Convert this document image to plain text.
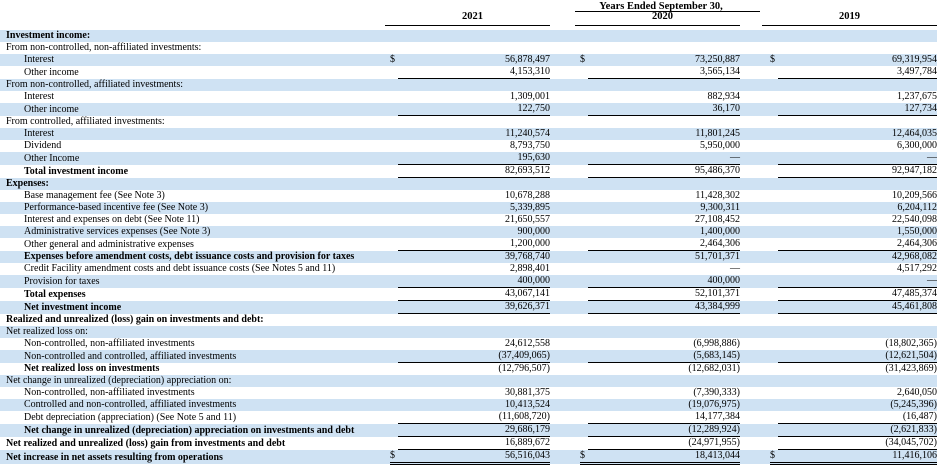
Years Ended September 30,
2021	2020	2019
Investment income:								
From non-controlled, non-affiliated investments:								
Interest	$	56,878,497		$	73,250,887		$	69,319,954
Other income		4,153,310			3,565,134			3,497,784
From non-controlled, affiliated investments:								
Interest		1,309,001			882,934			1,237,675
Other income		122,750			36,170			127,734
From controlled, affiliated investments:								
Interest		11,240,574			11,801,245			12,464,035
Dividend		8,793,750			5,950,000			6,300,000
Other Income		195,630			—			—
Total investment income		82,693,512			95,486,370			92,947,182
Expenses:								
Base management fee (See Note 3)		10,678,288			11,428,302			10,209,566
Performance-based incentive fee (See Note 3)		5,339,895			9,300,311			6,204,112
Interest and expenses on debt (See Note 11)		21,650,557			27,108,452			22,540,098
Administrative services expenses (See Note 3)		900,000			1,400,000			1,550,000
Other general and administrative expenses		1,200,000			2,464,306			2,464,306
Expenses before amendment costs, debt issuance costs and provision for taxes		39,768,740			51,701,371			42,968,082
Credit Facility amendment costs and debt issuance costs (See Notes 5 and 11)		2,898,401			—			4,517,292
Provision for taxes		400,000			400,000			—
Total expenses		43,067,141			52,101,371			47,485,374
Net investment income		39,626,371			43,384,999			45,461,808
Realized and unrealized (loss) gain on investments and debt:								
Net realized loss on:								
Non-controlled, non-affiliated investments		24,612,558			(6,998,886)			(18,802,365)
Non-controlled and controlled, affiliated investments		(37,409,065)			(5,683,145)			(12,621,504)
Net realized loss on investments		(12,796,507)			(12,682,031)			(31,423,869)
Net change in unrealized (depreciation) appreciation on:								
Non-controlled, non-affiliated investments		30,881,375			(7,390,333)			2,640,050
Controlled and non-controlled, affiliated investments		10,413,524			(19,076,975)			(5,245,396)
Debt depreciation (appreciation) (See Note 5 and 11)		(11,608,720)			14,177,384			(16,487)
Net change in unrealized (depreciation) appreciation on investments and debt		29,686,179			(12,289,924)			(2,621,833)
Net realized and unrealized (loss) gain from investments and debt		16,889,672			(24,971,955)			(34,045,702)
Net increase in net assets resulting from operations	$	56,516,043		$	18,413,044		$	11,416,106
